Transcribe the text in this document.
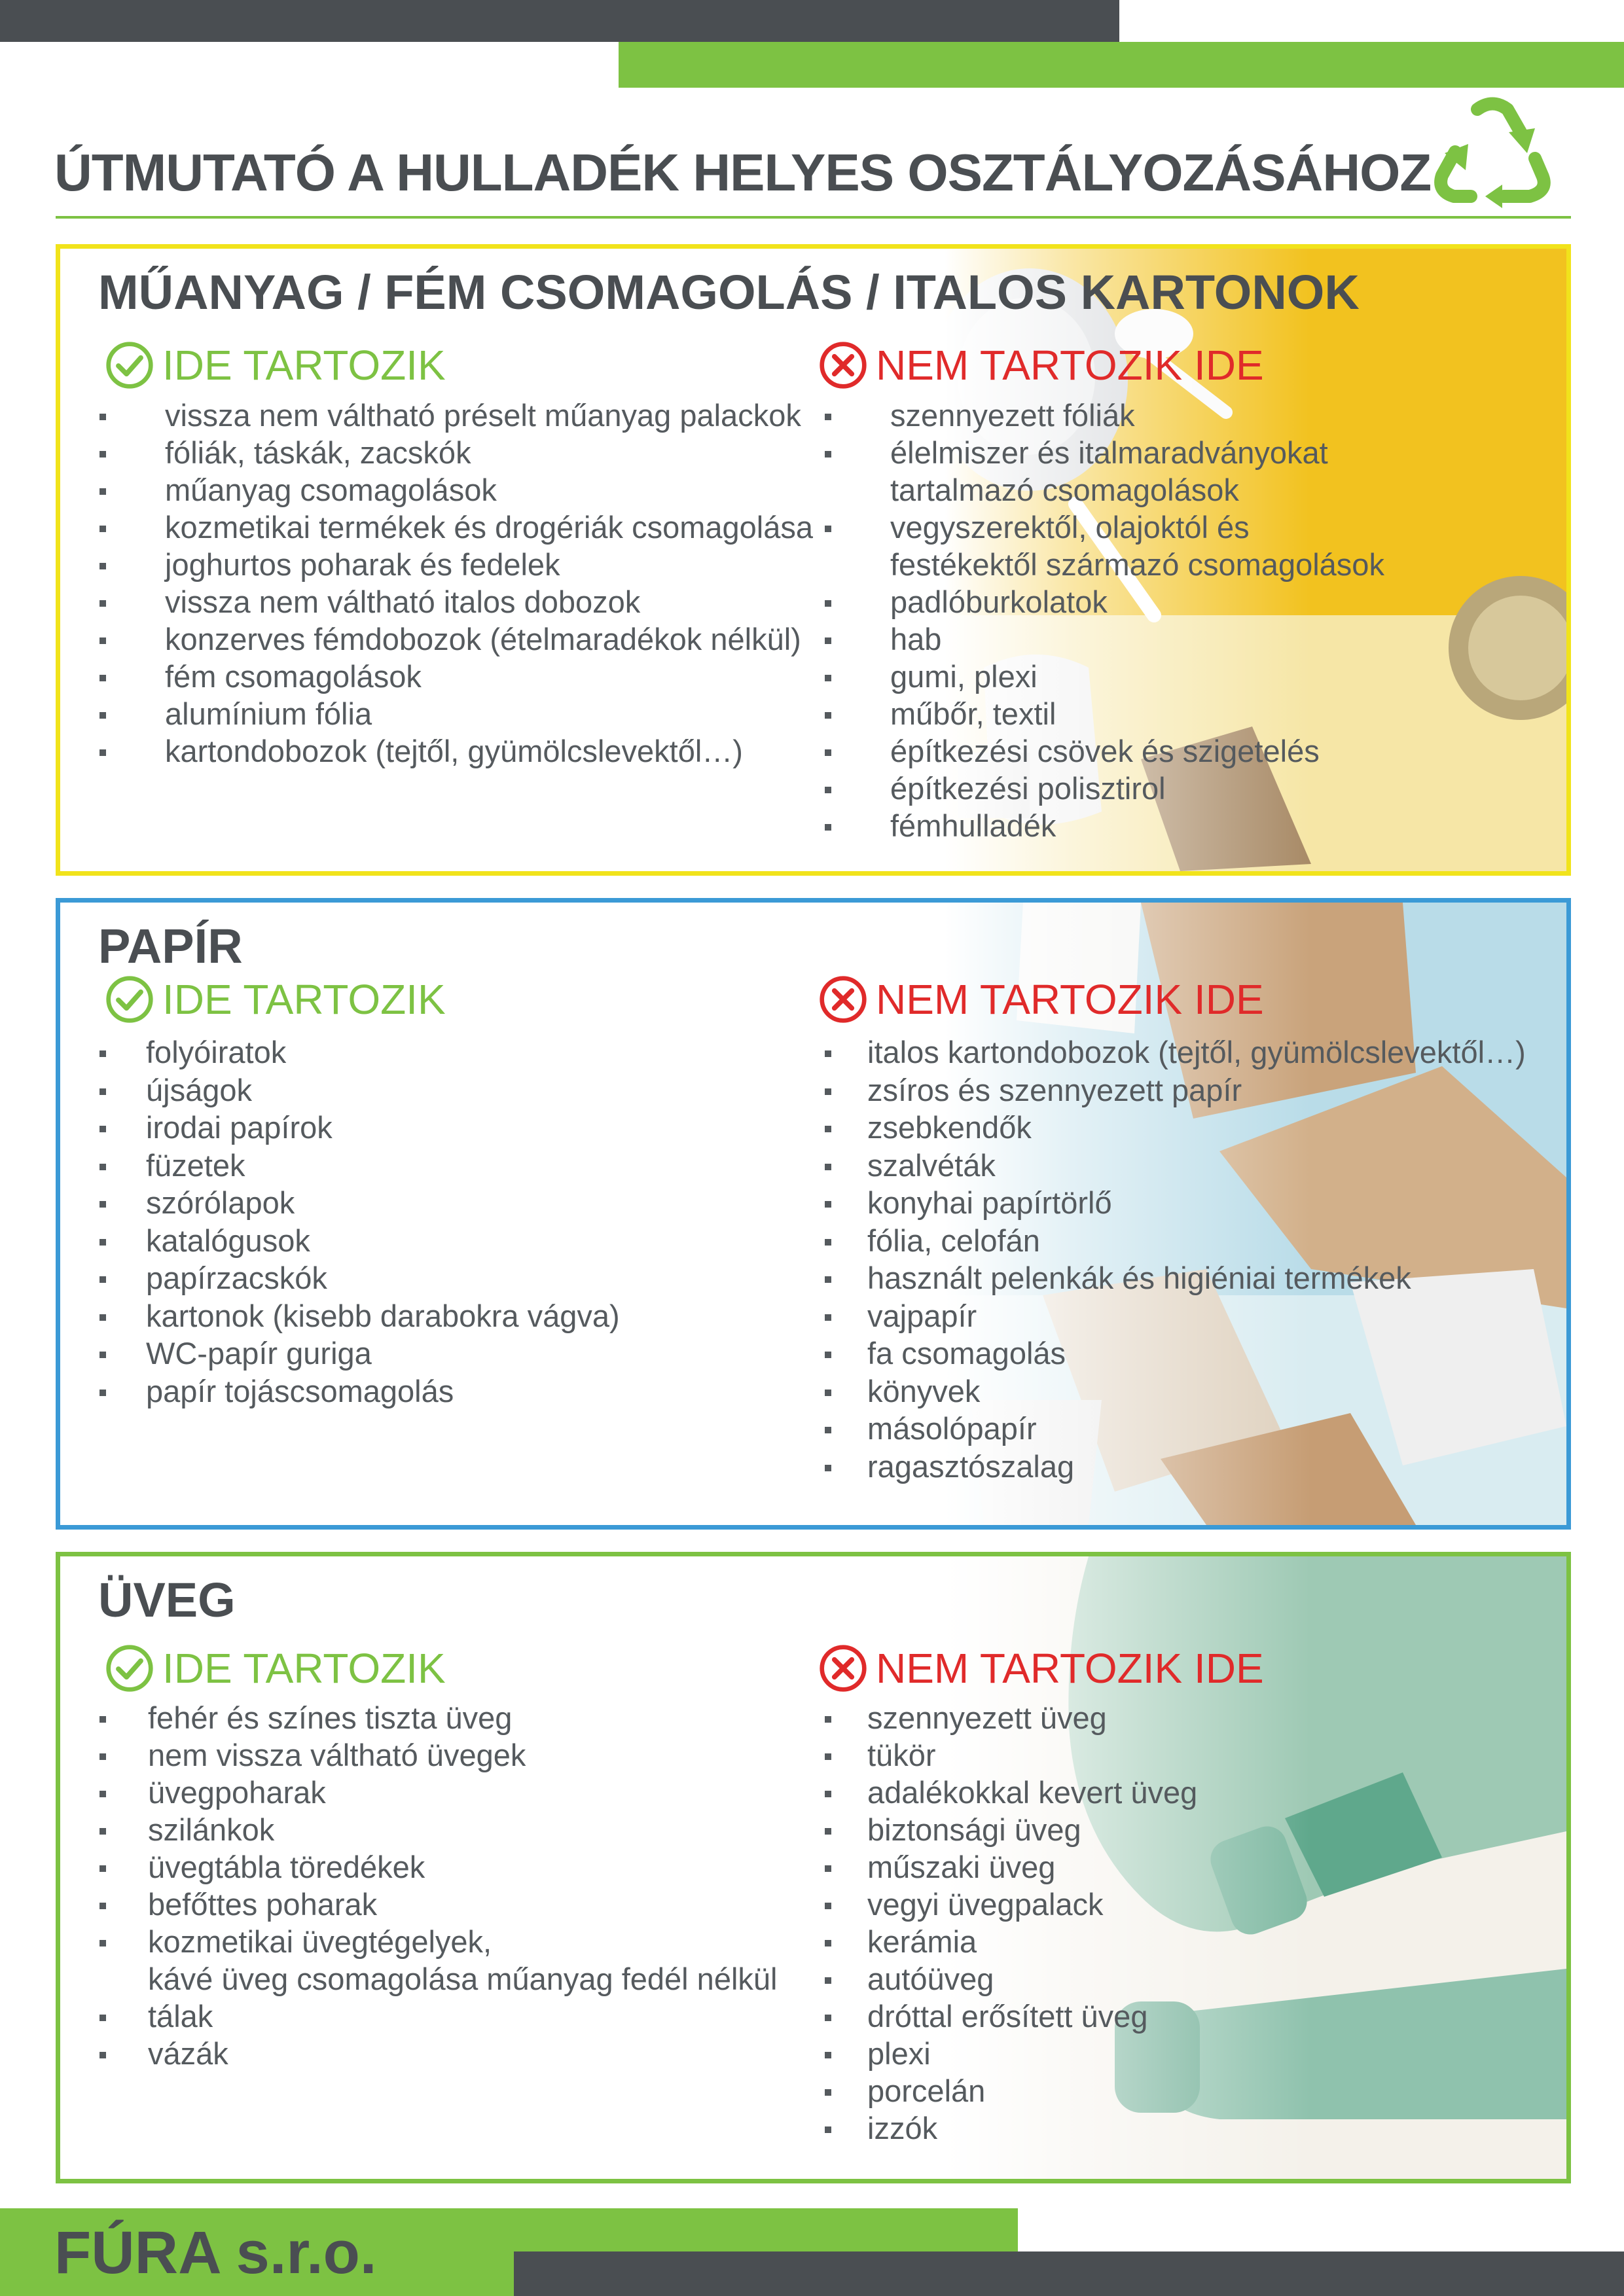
ÚTMUTATÓ A HULLADÉK HELYES OSZTÁLYOZÁSÁHOZ
MŰANYAG / FÉM CSOMAGOLÁS / ITALOS KARTONOK
IDE TARTOZIK	NEM TARTOZIK IDE
vissza nem váltható préselt műanyag palackok
fóliák, táskák, zacskók
műanyag csomagolások
kozmetikai termékek és drogériák csomagolása
joghurtos poharak és fedelek
vissza nem váltható italos dobozok
konzerves fémdobozok (ételmaradékok nélkül)
fém csomagolások
alumínium fólia
kartondobozok (tejtől, gyümölcslevektől…)
szennyezett fóliák
élelmiszer és italmaradványokat
tartalmazó csomagolások
vegyszerektől, olajoktól és
festékektől származó csomagolások
padlóburkolatok
hab
gumi, plexi
műbőr, textil
építkezési csövek és szigetelés
építkezési polisztirol
fémhulladék
PAPÍR
IDE TARTOZIK	NEM TARTOZIK IDE
folyóiratok
újságok
irodai papírok
füzetek
szórólapok
katalógusok
papírzacskók
kartonok (kisebb darabokra vágva)
WC-papír guriga
papír tojáscsomagolás
italos kartondobozok (tejtől, gyümölcslevektől…)
zsíros és szennyezett papír
zsebkendők
szalvéták
konyhai papírtörlő
fólia, celofán
használt pelenkák és higiéniai termékek
vajpapír
fa csomagolás
könyvek
másolópapír
ragasztószalag
ÜVEG
IDE TARTOZIK	NEM TARTOZIK IDE
fehér és színes tiszta üveg
nem vissza váltható üvegek
üvegpoharak
szilánkok
üvegtábla töredékek
befőttes poharak
kozmetikai üvegtégelyek,
kávé üveg csomagolása műanyag fedél nélkül
tálak
vázák
szennyezett üveg
tükör
adalékokkal kevert üveg
biztonsági üveg
műszaki üveg
vegyi üvegpalack
kerámia
autóüveg
dróttal erősített üveg
plexi
porcelán
izzók

FÚRA s.r.o.
